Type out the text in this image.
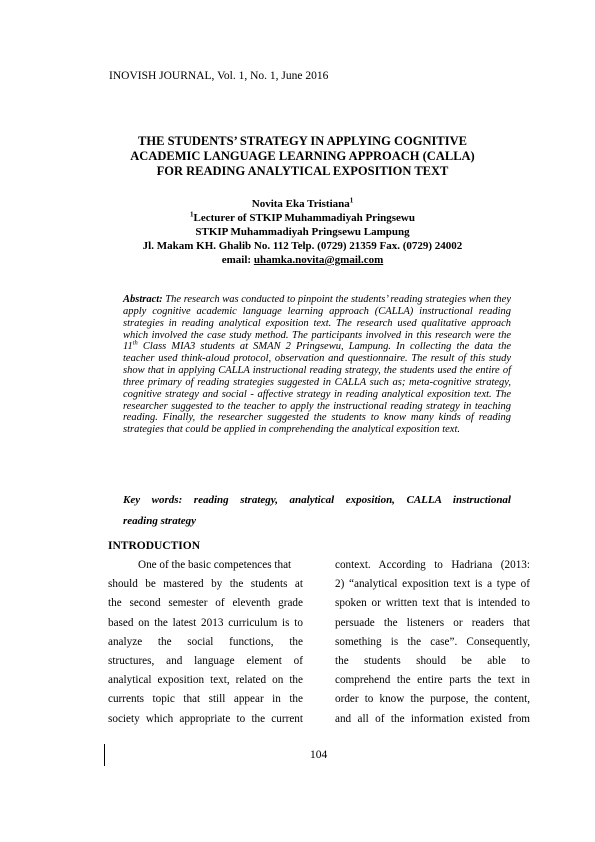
INOVISH JOURNAL, Vol. 1, No. 1, June 2016
THE STUDENTS’ STRATEGY IN APPLYING COGNITIVE
ACADEMIC LANGUAGE LEARNING APPROACH (CALLA)
FOR READING ANALYTICAL EXPOSITION TEXT
Novita Eka Tristiana$^1$
$^1$Lecturer of STKIP Muhammadiyah Pringsewu
STKIP Muhammadiyah Pringsewu Lampung
Jl. Makam KH. Ghalib No. 112 Telp. (0729) 21359 Fax. (0729) 24002
email: uhamka.novita@gmail.com
Abstract: The research was conducted to pinpoint the students’ reading strategies when they apply cognitive academic language learning approach (CALLA) instructional reading strategies in reading analytical exposition text. The research used qualitative approach which involved the case study method. The participants involved in this research were the 11th Class MIA3 students at SMAN 2 Pringsewu, Lampung. In collecting the data the teacher used think-aloud protocol, observation and questionnaire. The result of this study show that in applying CALLA instructional reading strategy, the students used the entire of three primary of reading strategies suggested in CALLA such as; meta-cognitive strategy, cognitive strategy and social - affective strategy in reading analytical exposition text. The researcher suggested to the teacher to apply the instructional reading strategy in teaching reading. Finally, the researcher suggested the students to know many kinds of reading strategies that could be applied in comprehending the analytical exposition text.
Key words: reading strategy, analytical exposition, CALLA instructional
reading strategy
INTRODUCTION
One of the basic competences that
should be mastered by the students at
the second semester of eleventh grade
based on the latest 2013 curriculum is to
analyze the social functions, the
structures, and language element of
analytical exposition text, related on the
currents topic that still appear in the
society which appropriate to the current
context. According to Hadriana (2013:
2) “analytical exposition text is a type of
spoken or written text that is intended to
persuade the listeners or readers that
something is the case”. Consequently,
the students should be able to
comprehend the entire parts the text in
order to know the purpose, the content,
and all of the information existed from
104
